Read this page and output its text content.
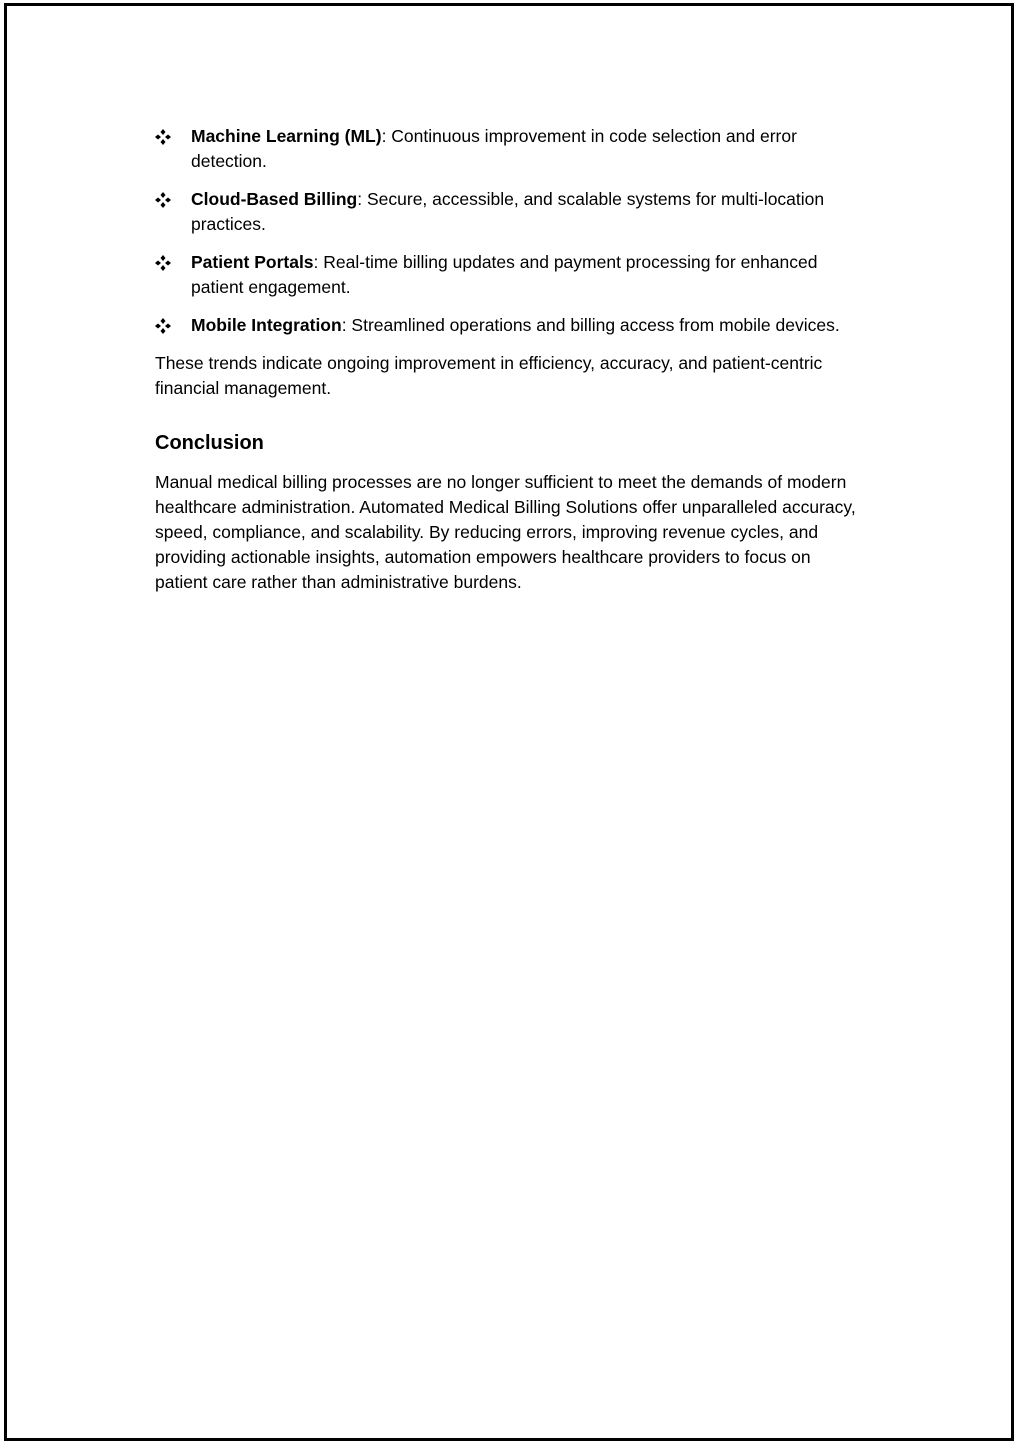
Machine Learning (ML): Continuous improvement in code selection and error detection.
Cloud-Based Billing: Secure, accessible, and scalable systems for multi-location practices.
Patient Portals: Real-time billing updates and payment processing for enhanced patient engagement.
Mobile Integration: Streamlined operations and billing access from mobile devices.

These trends indicate ongoing improvement in efficiency, accuracy, and patient-centric financial management.

Conclusion

Manual medical billing processes are no longer sufficient to meet the demands of modern healthcare administration. Automated Medical Billing Solutions offer unparalleled accuracy, speed, compliance, and scalability. By reducing errors, improving revenue cycles, and providing actionable insights, automation empowers healthcare providers to focus on patient care rather than administrative burdens.
